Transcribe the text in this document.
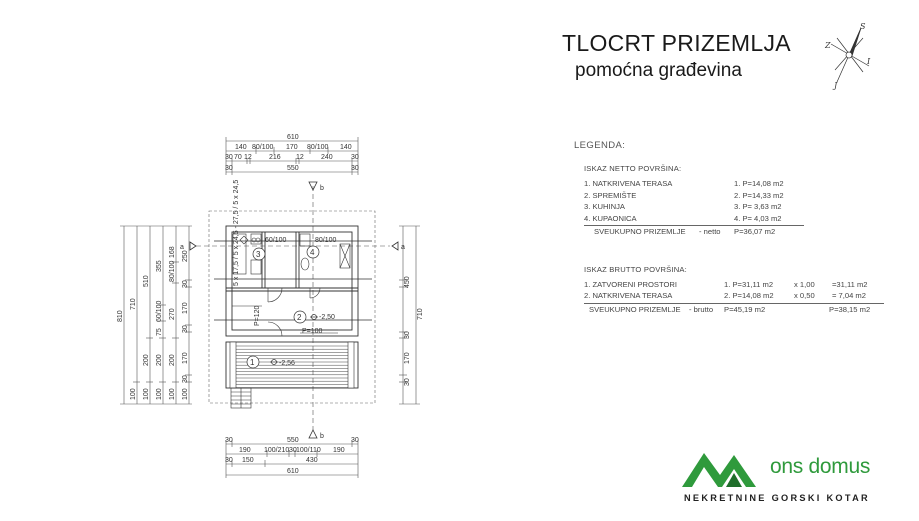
1
2
3	4
-2,56
-2,50
60/100	80/100
P=100
P=120
5 x 17,5 / 5 x 24,5 - 27,5 / 5 x 24,5	b
b
a	a
610
140 80/100 170 80/100 140
30 70 12 216 12 240	30
30	550	30
30	550	30
190 100/210 30 100/110 190
30 150	430
610
810
710
100
510
200
100
355
60/100
75
200
100
168
80/100
270
200
100
250
30
170
30
170
30
100
450
30
170
30
710
TLOCRT PRIZEMLJA
pomoćna građevina
S
J
Z
I
LEGENDA:
ISKAZ NETTO POVRŠINA:
1. NATKRIVENA TERASA	1. P=14,08 m2
2. SPREMIŠTE	2. P=14,33 m2
3. KUHINJA	3. P= 3,63 m2
4. KUPAONICA	4. P= 4,03 m2
SVEUKUPNO PRIZEMLJE - netto P=36,07 m2
ISKAZ BRUTTO POVRŠINA:
1. ZATVORENI PROSTORI	1. P=31,11 m2	x 1,00 =31,11 m2
2. NATKRIVENA TERASA	2. P=14,08 m2	x 0,50 = 7,04 m2
SVEUKUPNO PRIZEMLJE - brutto P=45,19 m2	P=38,15 m2
ons domus
NEKRETNINE GORSKI KOTAR
